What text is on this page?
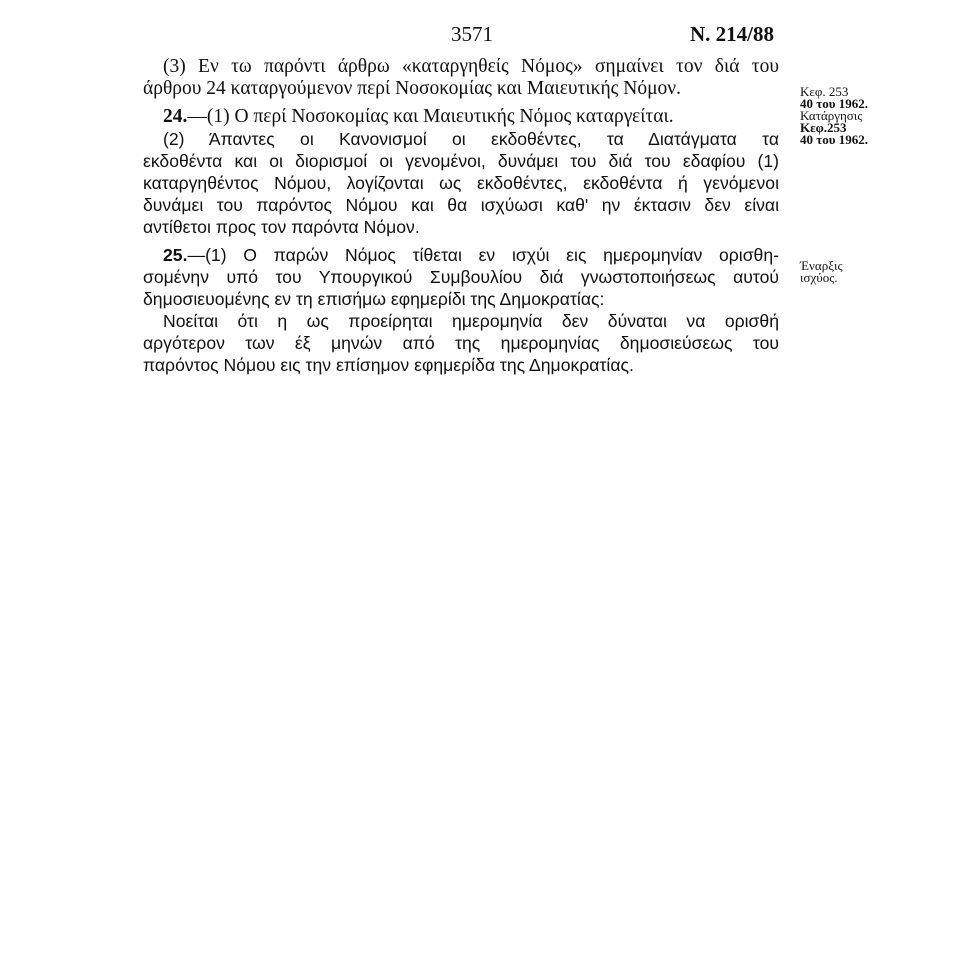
3571	Ν. 214/88
(3) Εν τω παρόντι άρθρω «καταργηθείς Νόμος» σημαίνει τον διά του
άρθρου 24 καταργούμενον περί Νοσοκομίας και Μαιευτικής Νόμον.
24.—(1) Ο περί Νοσοκομίας και Μαιευτικής Νόμος καταργείται.
(2) Άπαντες οι Κανονισμοί οι εκδοθέντες, τα Διατάγματα τα
εκδοθέντα και οι διορισμοί οι γενομένοι, δυνάμει του διά του εδαφίου (1)
καταργηθέντος Νόμου, λογίζονται ως εκδοθέντες, εκδοθέντα ή γενόμενοι
δυνάμει του παρόντος Νόμου και θα ισχύωσι καθ' ην έκτασιν δεν είναι
αντίθετοι προς τον παρόντα Νόμον.
25.—(1) Ο παρών Νόμος τίθεται εν ισχύι εις ημερομηνίαν ορισθη-
σομένην υπό του Υπουργικού Συμβουλίου διά γνωστοποιήσεως αυτού
δημοσιευομένης εν τη επισήμω εφημερίδι της Δημοκρατίας:
Νοείται ότι η ως προείρηται ημερομηνία δεν δύναται να ορισθή
αργότερον των έξ μηνών από της ημερομηνίας δημοσιεύσεως του
παρόντος Νόμου εις την επίσημον εφημερίδα της Δημοκρατίας.
Κεφ. 253
40 του 1962.
Κατάργησις
Κεφ.253
40 του 1962.
Έναρξις
ισχύος.
